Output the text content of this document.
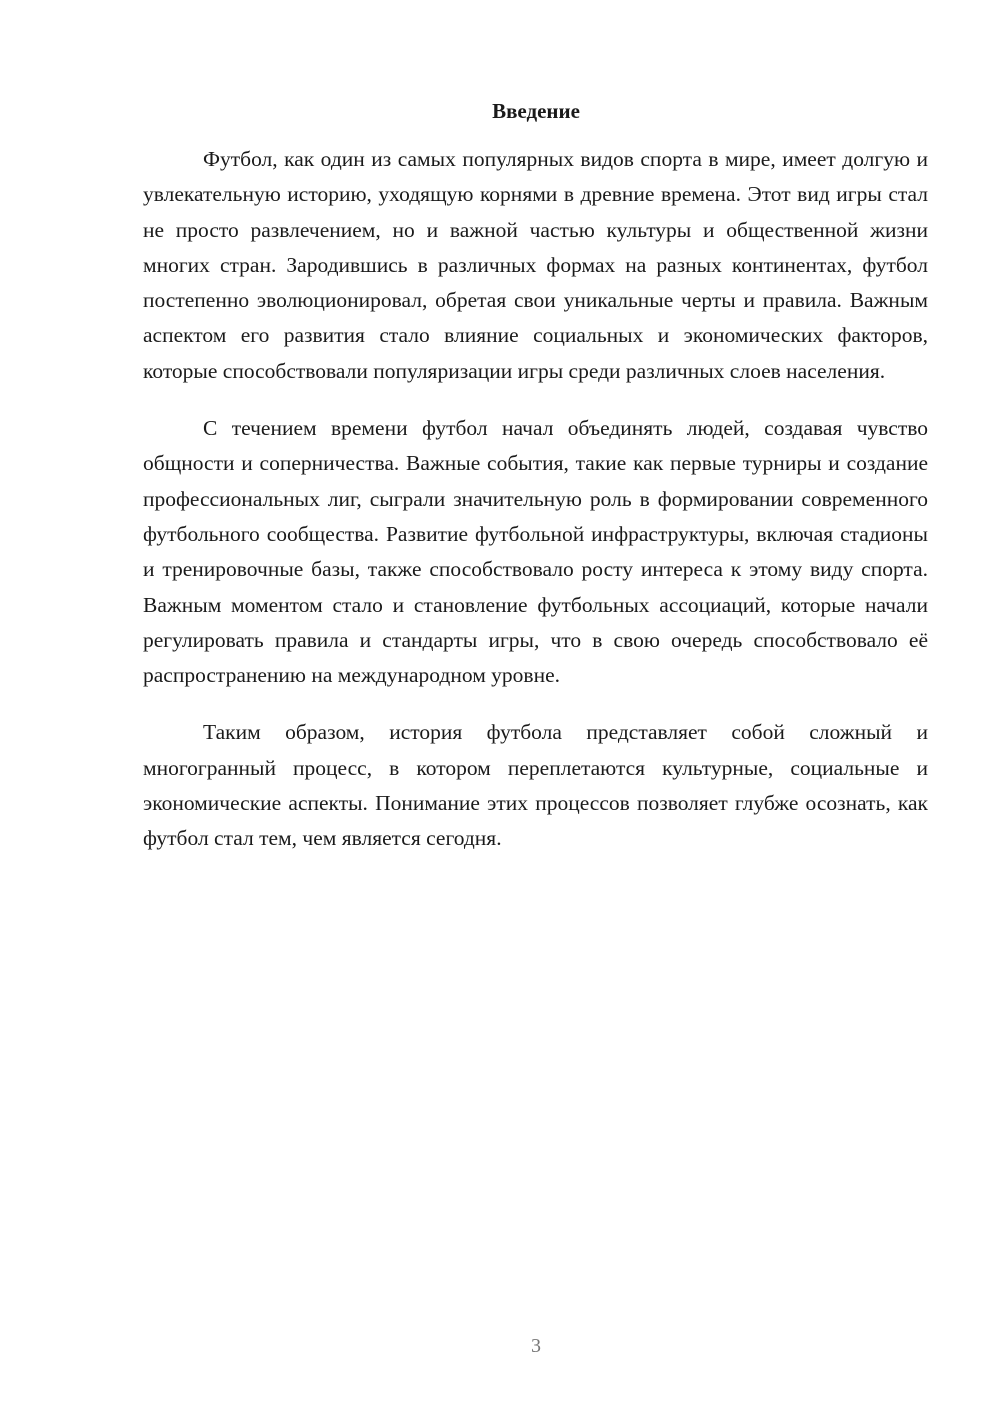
Введение

Футбол, как один из самых популярных видов спорта в мире, имеет долгую и увлекательную историю, уходящую корнями в древние времена. Этот вид игры стал не просто развлечением, но и важной частью культуры и общественной жизни многих стран. Зародившись в различных формах на разных континентах, футбол постепенно эволюционировал, обретая свои уникальные черты и правила. Важным аспектом его развития стало влияние социальных и экономических факторов, которые способствовали популяризации игры среди различных слоев населения.

С течением времени футбол начал объединять людей, создавая чувство общности и соперничества. Важные события, такие как первые турниры и создание профессиональных лиг, сыграли значительную роль в формировании современного футбольного сообщества. Развитие футбольной инфраструктуры, включая стадионы и тренировочные базы, также способствовало росту интереса к этому виду спорта. Важным моментом стало и становление футбольных ассоциаций, которые начали регулировать правила и стандарты игры, что в свою очередь способствовало её распространению на международном уровне.

Таким образом, история футбола представляет собой сложный и многогранный процесс, в котором переплетаются культурные, социальные и экономические аспекты. Понимание этих процессов позволяет глубже осознать, как футбол стал тем, чем является сегодня.

3
